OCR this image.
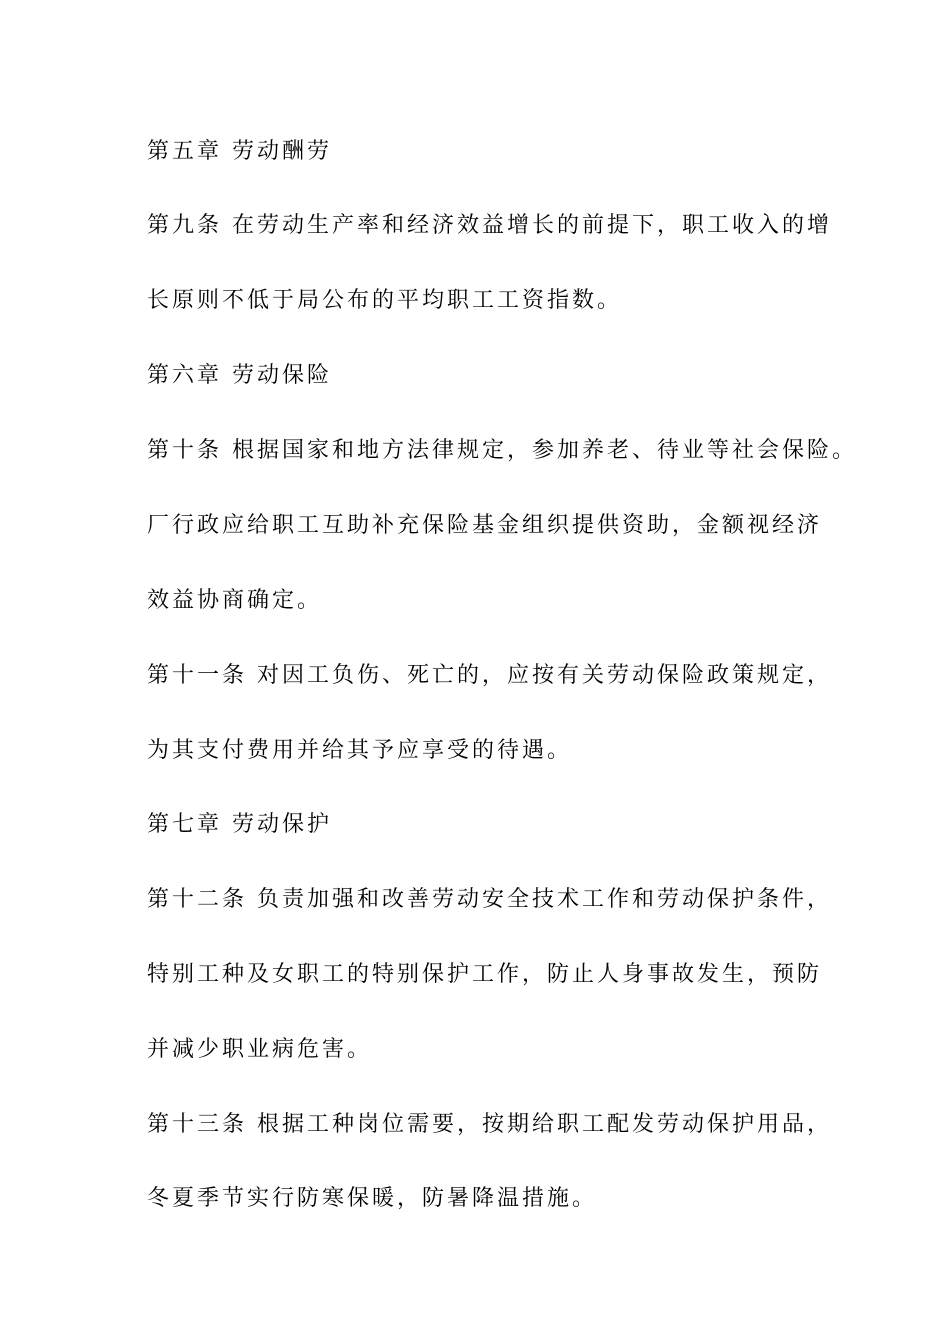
第五章 劳动酬劳

第九条 在劳动生产率和经济效益增长的前提下，职工收入的增

长原则不低于局公布的平均职工工资指数。

第六章 劳动保险

第十条 根据国家和地方法律规定，参加养老、待业等社会保险。

厂行政应给职工互助补充保险基金组织提供资助，金额视经济

效益协商确定。

第十一条 对因工负伤、死亡的，应按有关劳动保险政策规定，

为其支付费用并给其予应享受的待遇。

第七章 劳动保护

第十二条 负责加强和改善劳动安全技术工作和劳动保护条件，

特别工种及女职工的特别保护工作，防止人身事故发生，预防

并减少职业病危害。

第十三条 根据工种岗位需要，按期给职工配发劳动保护用品，

冬夏季节实行防寒保暖，防暑降温措施。
